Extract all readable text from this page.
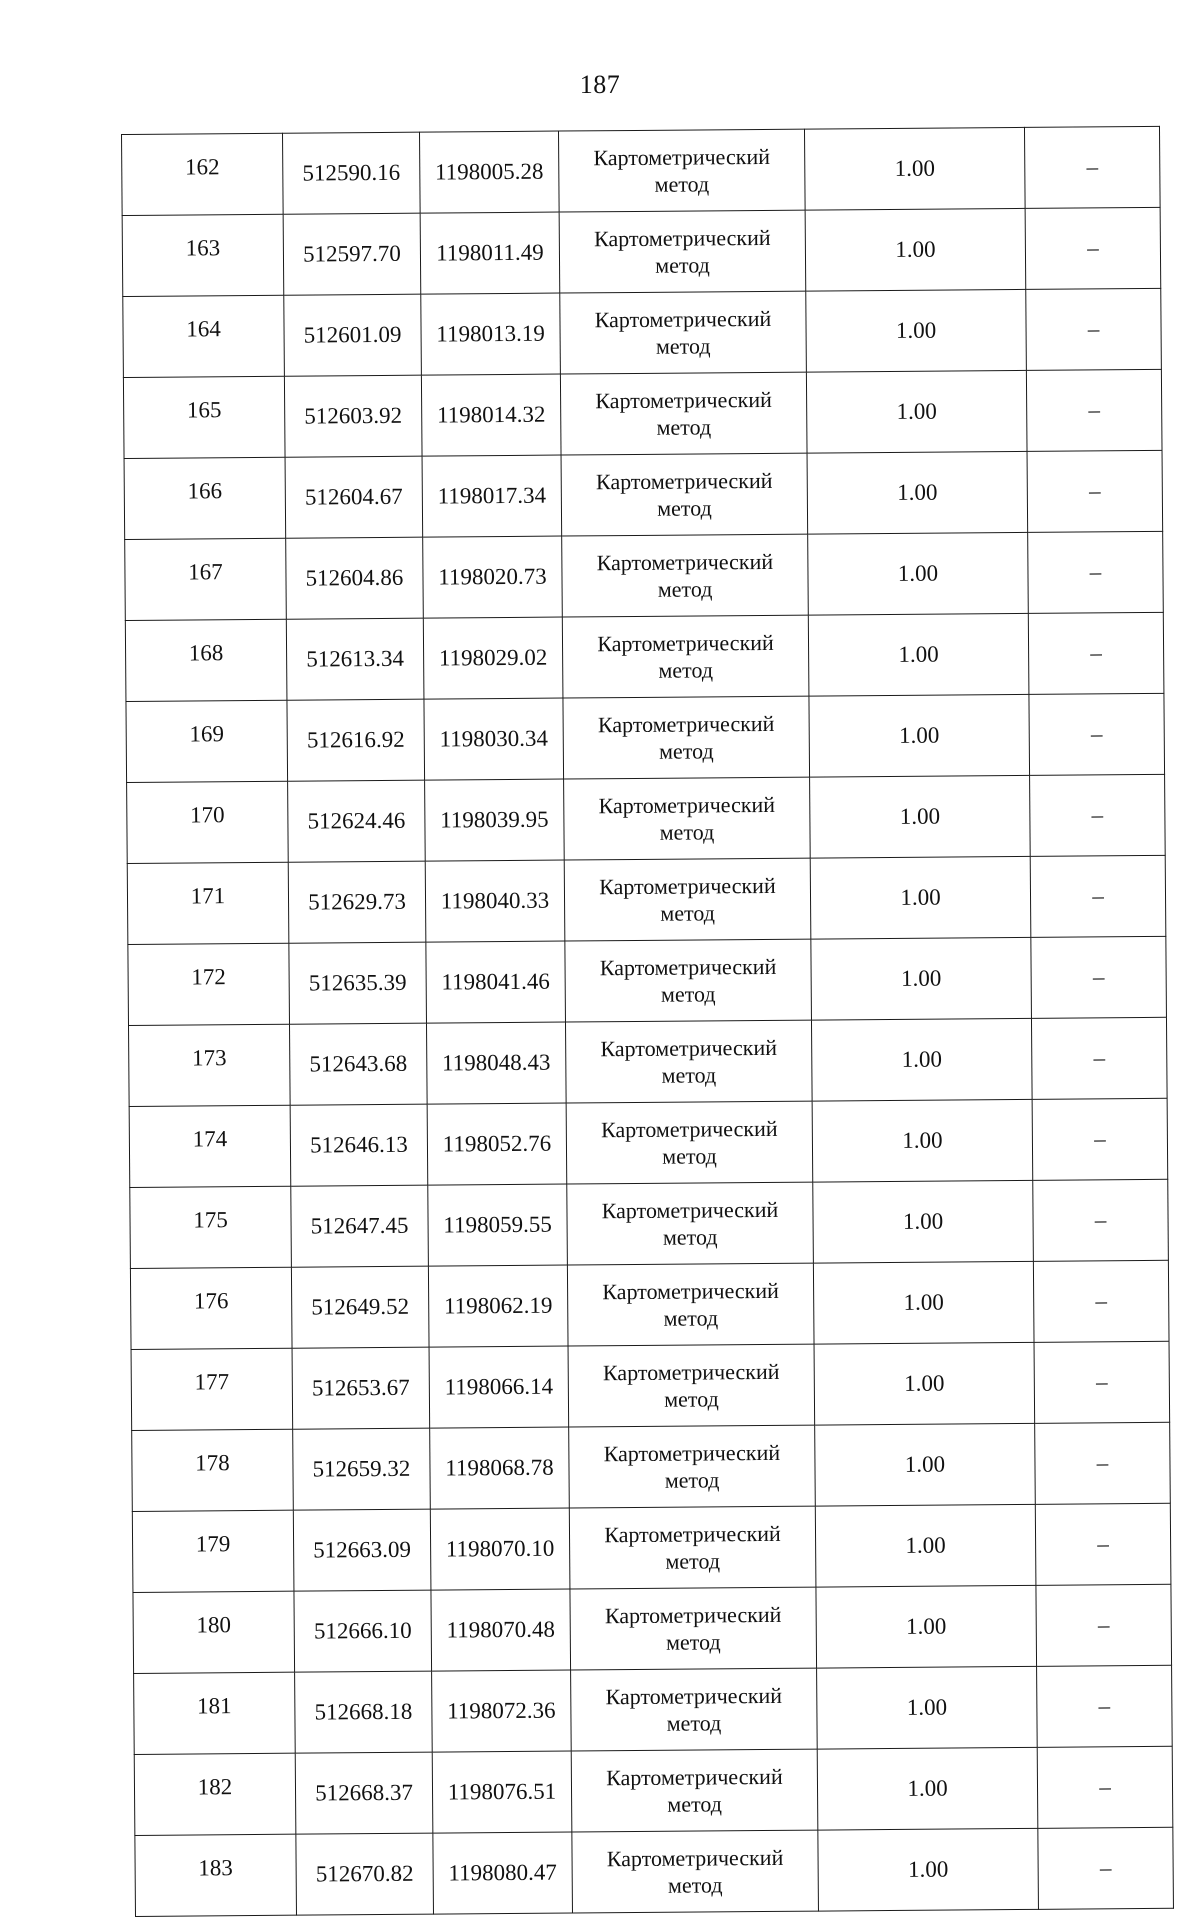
187
162	512590.16	1198005.28	Картометрический
метод	1.00	–
163	512597.70	1198011.49	Картометрический
метод	1.00	–
164	512601.09	1198013.19	Картометрический
метод	1.00	–
165	512603.92	1198014.32	Картометрический
метод	1.00	–
166	512604.67	1198017.34	Картометрический
метод	1.00	–
167	512604.86	1198020.73	Картометрический
метод	1.00	–
168	512613.34	1198029.02	Картометрический
метод	1.00	–
169	512616.92	1198030.34	Картометрический
метод	1.00	–
170	512624.46	1198039.95	Картометрический
метод	1.00	–
171	512629.73	1198040.33	Картометрический
метод	1.00	–
172	512635.39	1198041.46	Картометрический
метод	1.00	–
173	512643.68	1198048.43	Картометрический
метод	1.00	–
174	512646.13	1198052.76	Картометрический
метод	1.00	–
175	512647.45	1198059.55	Картометрический
метод	1.00	–
176	512649.52	1198062.19	Картометрический
метод	1.00	–
177	512653.67	1198066.14	Картометрический
метод	1.00	–
178	512659.32	1198068.78	Картометрический
метод	1.00	–
179	512663.09	1198070.10	Картометрический
метод	1.00	–
180	512666.10	1198070.48	Картометрический
метод	1.00	–
181	512668.18	1198072.36	Картометрический
метод	1.00	–
182	512668.37	1198076.51	Картометрический
метод	1.00	–
183	512670.82	1198080.47	Картометрический
метод	1.00	–
